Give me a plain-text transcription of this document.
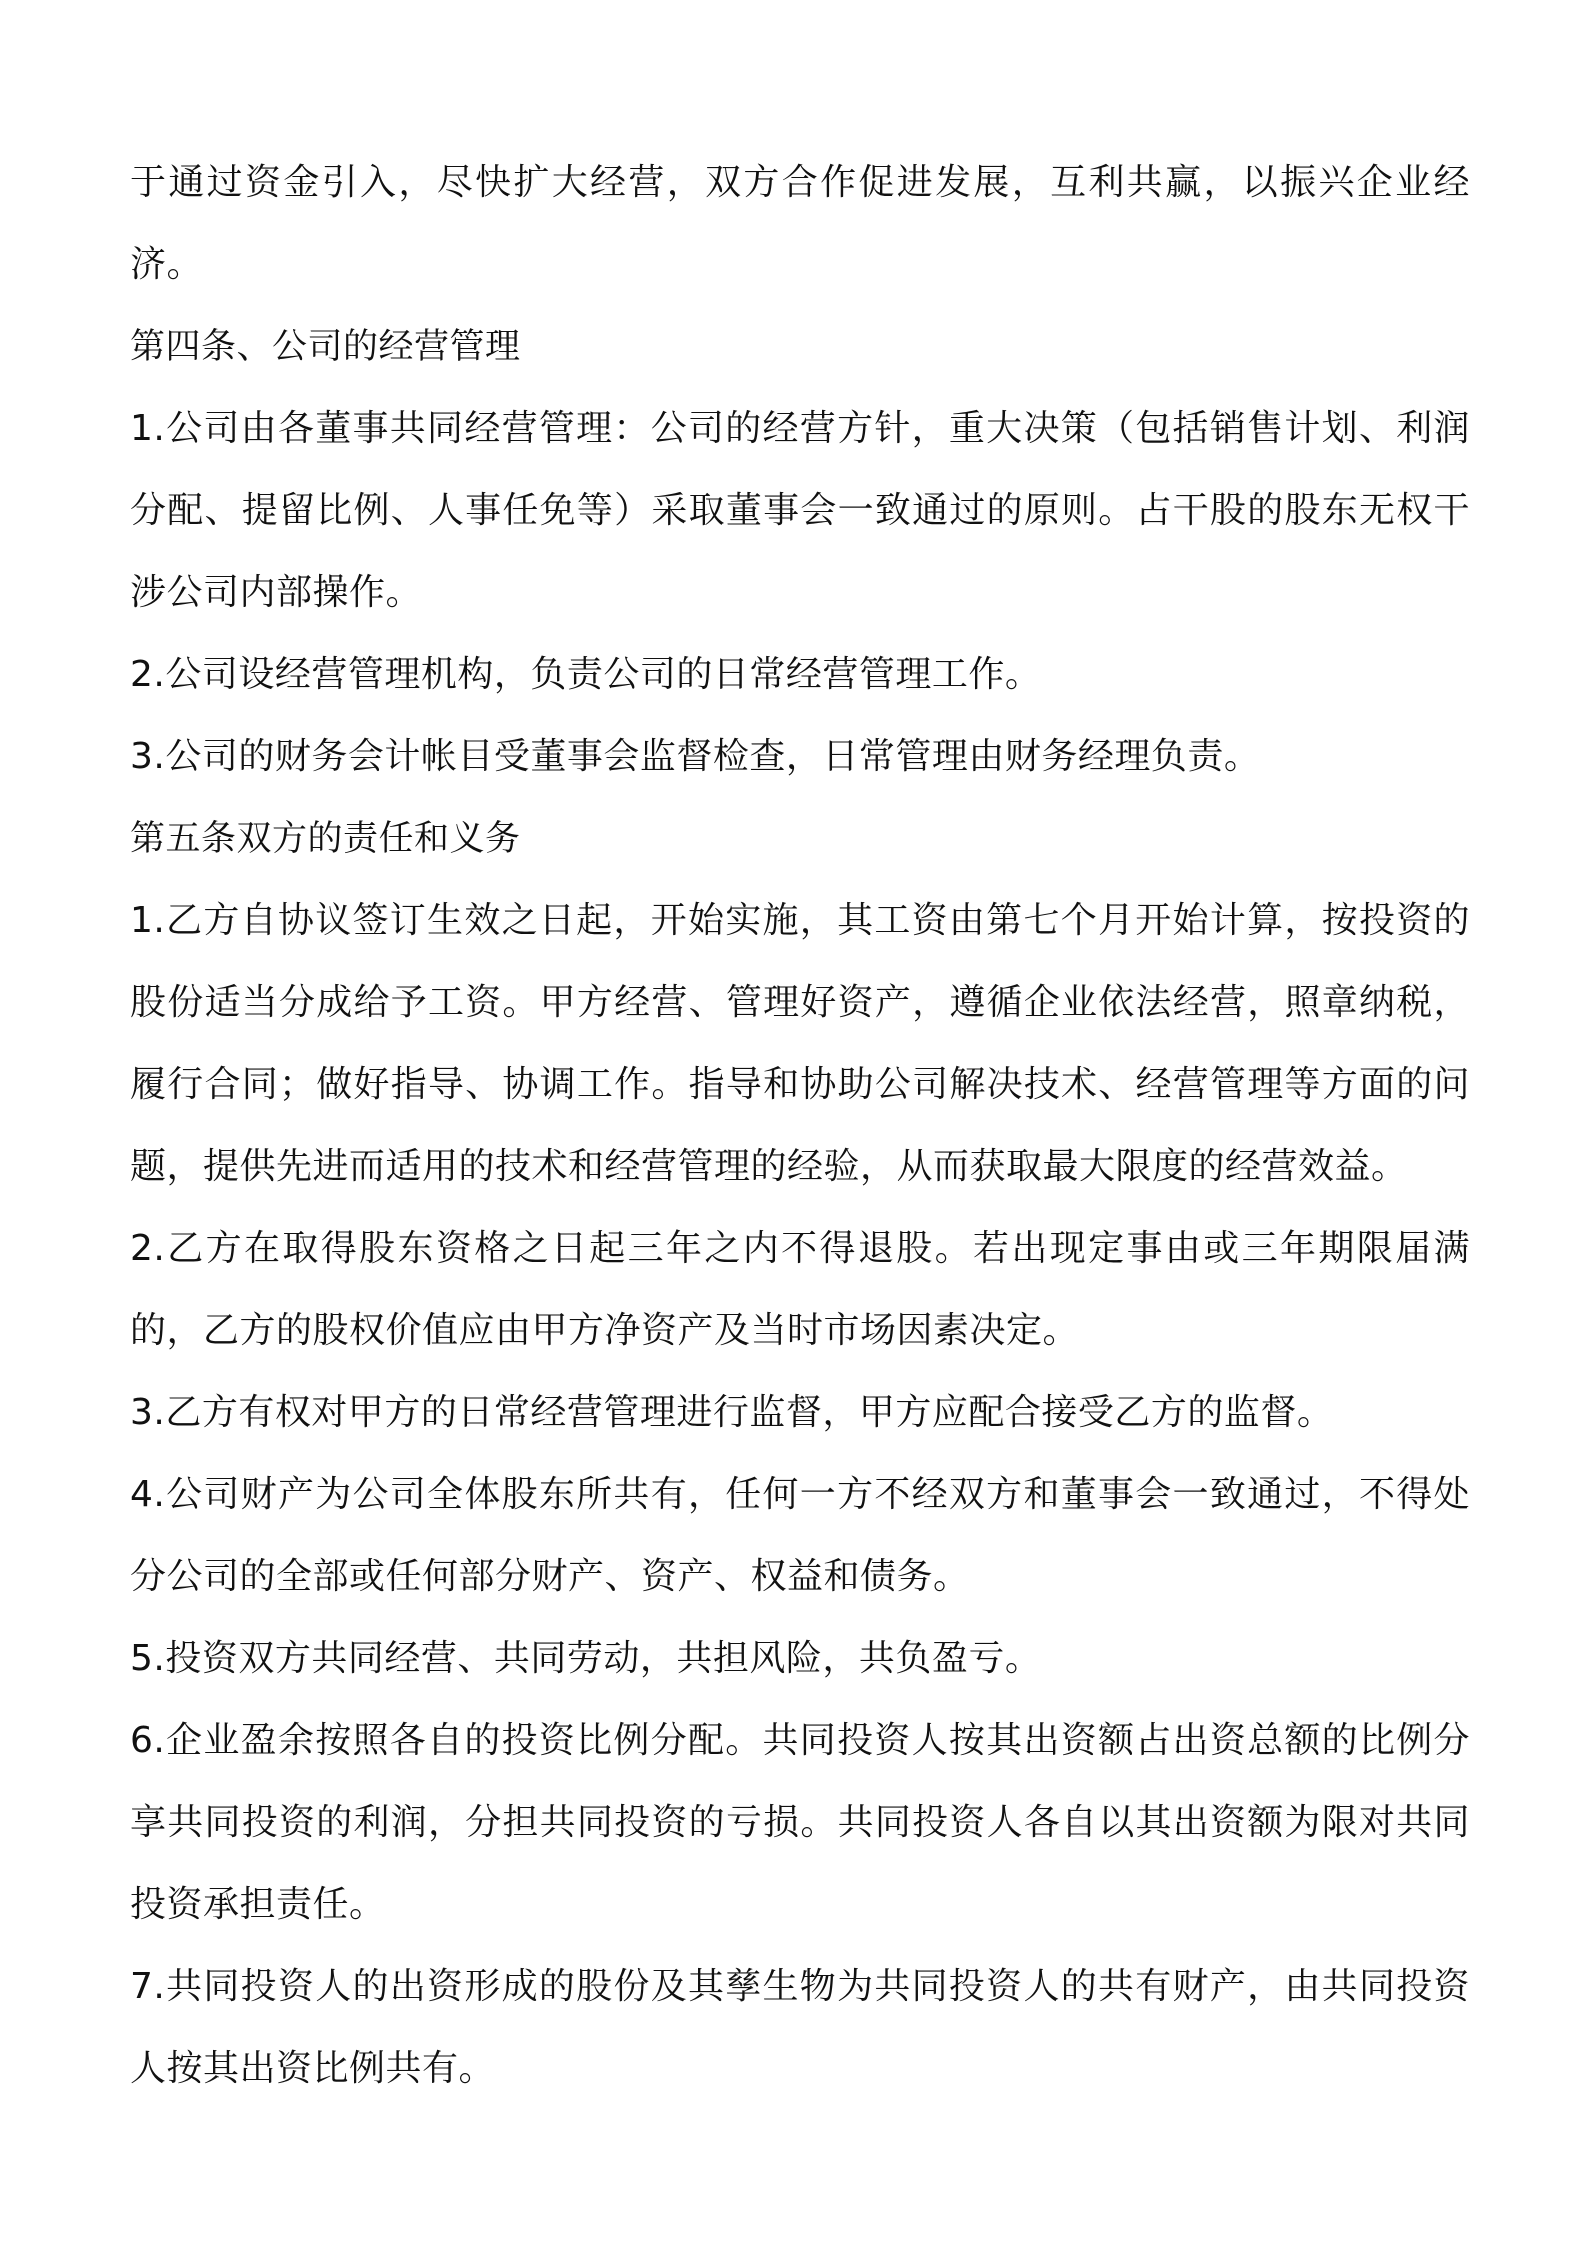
于通过资金引入，尽快扩大经营，双方合作促进发展，互利共赢，以振兴企业经济。

第四条、公司的经营管理

1.公司由各董事共同经营管理：公司的经营方针，重大决策（包括销售计划、利润分配、提留比例、人事任免等）采取董事会一致通过的原则。占干股的股东无权干涉公司内部操作。

2.公司设经营管理机构，负责公司的日常经营管理工作。

3.公司的财务会计帐目受董事会监督检查，日常管理由财务经理负责。

第五条双方的责任和义务

1.乙方自协议签订生效之日起，开始实施，其工资由第七个月开始计算，按投资的股份适当分成给予工资。甲方经营、管理好资产，遵循企业依法经营，照章纳税，履行合同；做好指导、协调工作。指导和协助公司解决技术、经营管理等方面的问题，提供先进而适用的技术和经营管理的经验，从而获取最大限度的经营效益。

2.乙方在取得股东资格之日起三年之内不得退股。若出现定事由或三年期限届满的，乙方的股权价值应由甲方净资产及当时市场因素决定。

3.乙方有权对甲方的日常经营管理进行监督，甲方应配合接受乙方的监督。

4.公司财产为公司全体股东所共有，任何一方不经双方和董事会一致通过，不得处分公司的全部或任何部分财产、资产、权益和债务。

5.投资双方共同经营、共同劳动，共担风险，共负盈亏。

6.企业盈余按照各自的投资比例分配。共同投资人按其出资额占出资总额的比例分享共同投资的利润，分担共同投资的亏损。共同投资人各自以其出资额为限对共同投资承担责任。

7.共同投资人的出资形成的股份及其孳生物为共同投资人的共有财产，由共同投资人按其出资比例共有。
